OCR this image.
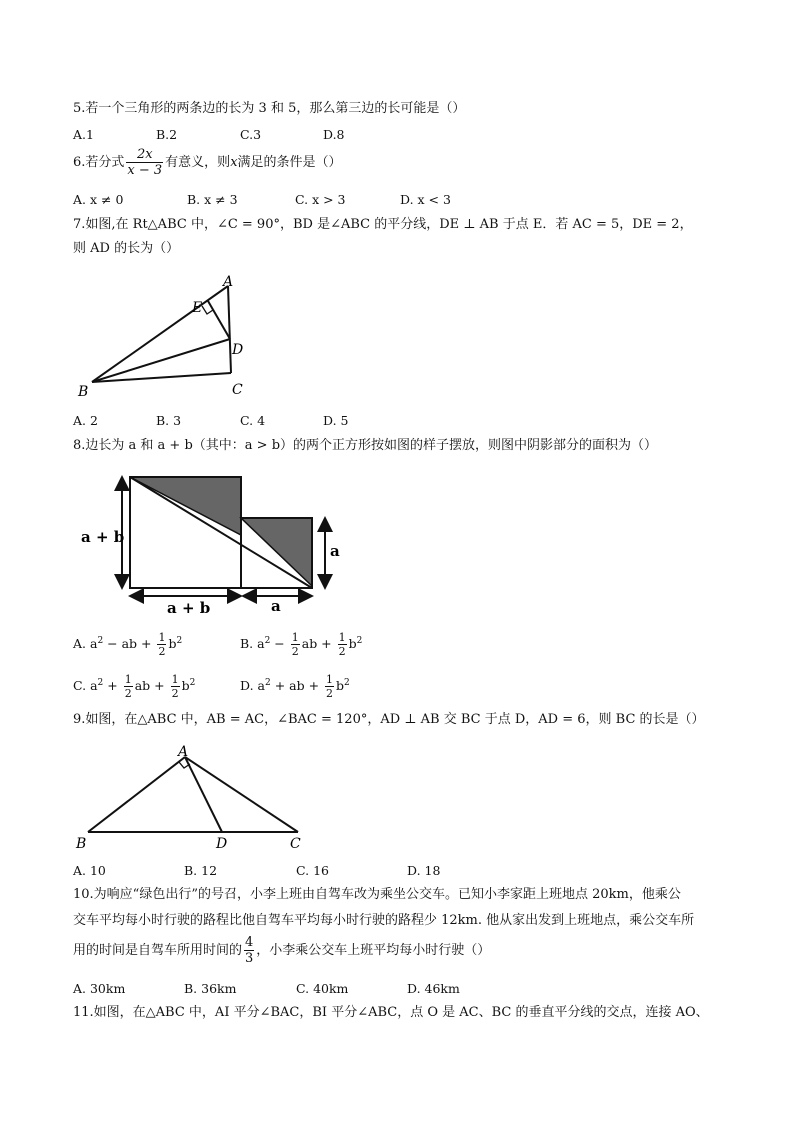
5.若一个三角形的两条边的长为 3 和 5，那么第三边的长可能是（）
A.1	B.2	C.3	D.8
6.若分式 $\frac{2x}{x - 3}$ 有意义，则x满足的条件是（）
A. x ≠ 0	B. x ≠ 3	C. x > 3	D. x < 3
7.如图,在 Rt△ABC 中，∠C = 90°，BD 是∠ABC 的平分线，DE ⊥ AB 于点 E．若 AC = 5，DE = 2，
则 AD 的长为（）
A
E
D
B	C
A. 2	B. 3	C. 4	D. 5
8.边长为 a 和 a + b（其中：a > b）的两个正方形按如图的样子摆放，则图中阴影部分的面积为（）
a + b
a
a + b	a
A. $a^2$ − ab + $\frac{1}{2} b^2$	B. $a^2 - \frac{1}{2}$ ab + $\frac{1}{2} b^2$
C. $a^2 + \frac{1}{2}$ ab + $\frac{1}{2} b^2$	D. $a^2$ + ab + $\frac{1}{2} b^2$
9.如图，在△ABC 中，AB = AC，∠BAC = 120°，AD ⊥ AB 交 BC 于点 D，AD = 6，则 BC 的长是（）
A
B	D	C
A. 10	B. 12	C. 16	D. 18
10.为响应“绿色出行”的号召，小李上班由自驾车改为乘坐公交车。已知小李家距上班地点 20km，他乘公
交车平均每小时行驶的路程比他自驾车平均每小时行驶的路程少 12km. 他从家出发到上班地点，乘公交车所
用的时间是自驾车所用时间的 $\frac{4}{3}$ ，小李乘公交车上班平均每小时行驶（）
A. 30km	B. 36km	C. 40km	D. 46km
11.如图，在△ABC 中，AI 平分∠BAC，BI 平分∠ABC，点 O 是 AC、BC 的垂直平分线的交点，连接 AO、
